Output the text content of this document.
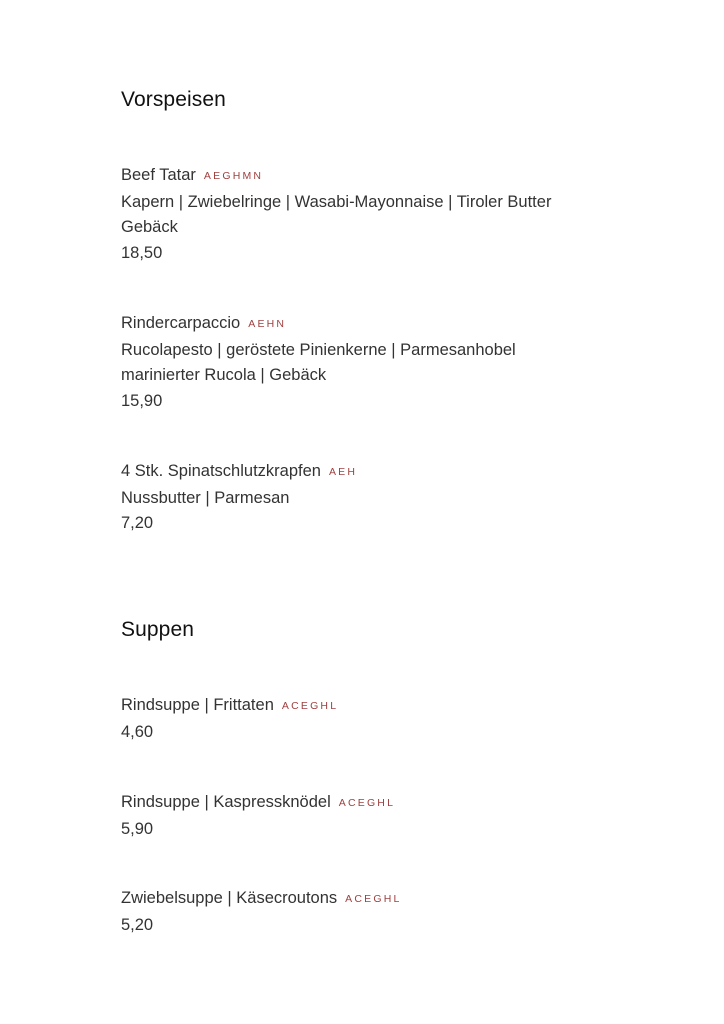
Vorspeisen
Beef Tatar AEGHMN
Kapern | Zwiebelringe | Wasabi-Mayonnaise | Tiroler Butter
Gebäck
18,50
Rindercarpaccio AEHN
Rucolapesto | geröstete Pinienkerne | Parmesanhobel
marinierter Rucola | Gebäck
15,90
4 Stk. Spinatschlutzkrapfen AEH
Nussbutter | Parmesan
7,20
Suppen
Rindsuppe | Frittaten ACEGHL
4,60
Rindsuppe | Kaspressknödel ACEGHL
5,90
Zwiebelsuppe | Käsecroutons ACEGHL
5,20
